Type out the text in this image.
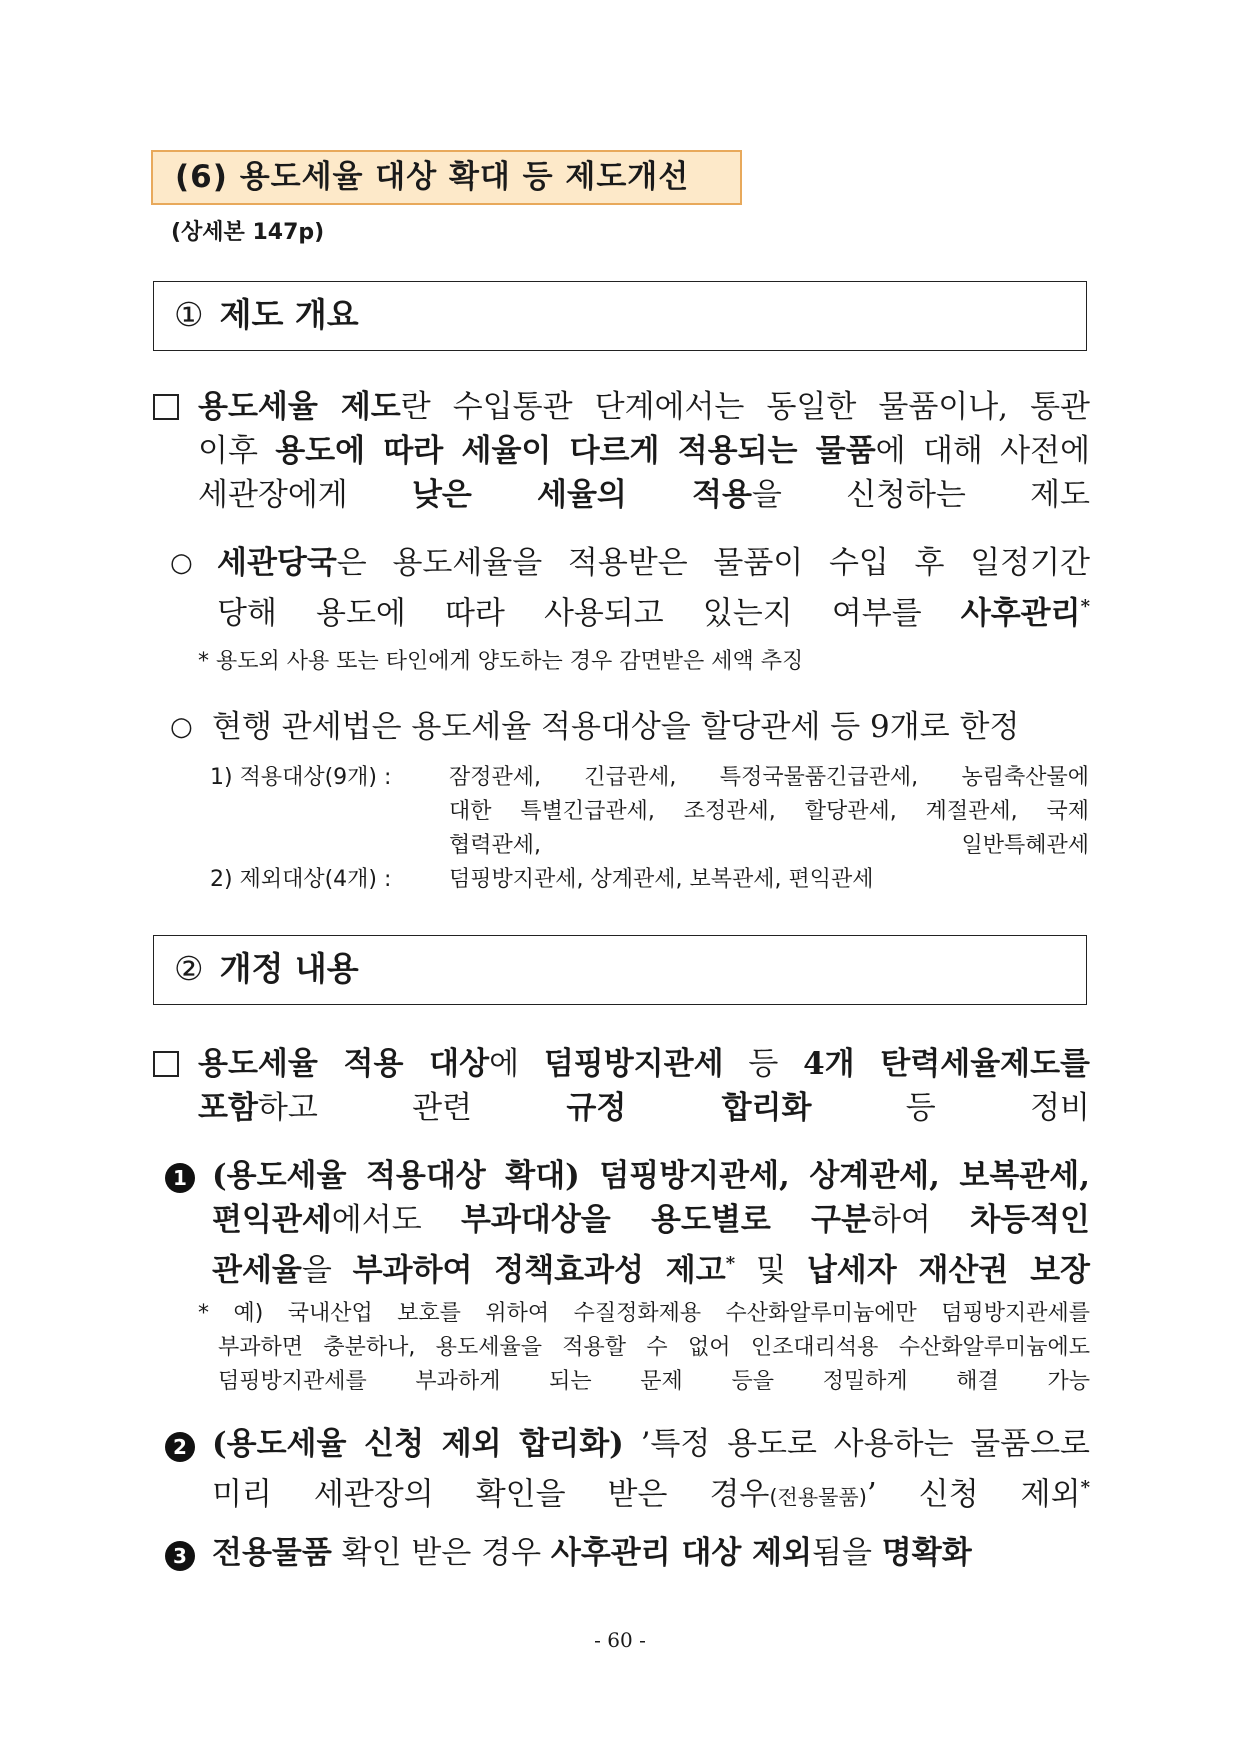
(6) 용도세율 대상 확대 등 제도개선
(상세본 147p)
① 제도 개요
용도세율 제도란 수입통관 단계에서는 동일한 물품이나, 통관
이후 용도에 따라 세율이 다르게 적용되는 물품에 대해 사전에
세관장에게 낮은 세율의 적용을 신청하는 제도
○ 세관당국은 용도세율을 적용받은 물품이 수입 후 일정기간
당해 용도에 따라 사용되고 있는지 여부를 사후관리*
* 용도외 사용 또는 타인에게 양도하는 경우 감면받은 세액 추징
○ 현행 관세법은 용도세율 적용대상을 할당관세 등 9개로 한정
1) 적용대상(9개) :	잠정관세, 긴급관세, 특정국물품긴급관세, 농림축산물에
대한 특별긴급관세, 조정관세, 할당관세, 계절관세, 국제
협력관세, 일반특혜관세
2) 제외대상(4개) :	덤핑방지관세, 상계관세, 보복관세, 편익관세
② 개정 내용
용도세율 적용 대상에 덤핑방지관세 등 4개 탄력세율제도를
포함하고 관련 규정 합리화 등 정비
1 (용도세율 적용대상 확대) 덤핑방지관세, 상계관세, 보복관세,
편익관세에서도 부과대상을 용도별로 구분하여 차등적인
관세율을 부과하여 정책효과성 제고* 및 납세자 재산권 보장
* 예) 국내산업 보호를 위하여 수질정화제용 수산화알루미늄에만 덤핑방지관세를
부과하면 충분하나, 용도세율을 적용할 수 없어 인조대리석용 수산화알루미늄에도
덤핑방지관세를 부과하게 되는 문제 등을 정밀하게 해결 가능
2 (용도세율 신청 제외 합리화) ’특정 용도로 사용하는 물품으로
미리 세관장의 확인을 받은 경우(전용물품)’ 신청 제외*
3 전용물품 확인 받은 경우 사후관리 대상 제외됨을 명확화
- 60 -
